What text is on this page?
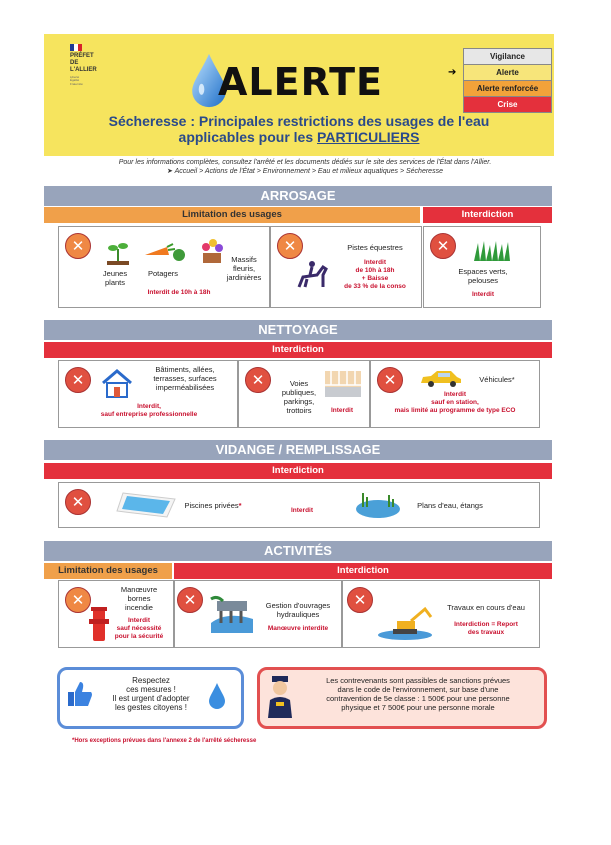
PRÉFET
DE L'ALLIER
Liberté
Égalité
Fraternité	ALERTE
Vigilance
Alerte
Alerte renforcée
Crise
➔
Sécheresse : Principales restrictions des usages de l'eau
applicables pour les PARTICULIERS
Pour les informations complètes, consultez l'arrêté et les documents dédiés sur le site des services de l'État dans l'Allier.
➤ Accueil > Actions de l'État > Environnement > Eau et milieux aquatiques > Sécheresse
ARROSAGE
Limitation des usages	Interdiction
✕
Jeunes
plants
Potagers
Massifs
fleuris,
jardinières
Interdit de 10h à 18h
✕	Pistes équestres
Interdit
de 10h à 18h
+ Baisse
de 33 % de la conso
✕
Espaces verts,
pelouses
Interdit
NETTOYAGE
Interdiction
✕
Bâtiments, allées,
terrasses, surfaces
imperméabilisées
Interdit,
sauf entreprise professionnelle
✕	Voies
publiques,
parkings,
trottoirs	Interdit
✕	Véhicules*
Interdit
sauf en station,
mais limité au programme de type ECO
VIDANGE / REMPLISSAGE
Interdiction
✕	Piscines privées*
Interdit
Plans d'eau, étangs
ACTIVITÉS
Limitation des usages	Interdiction
✕
Manœuvre
bornes
incendie
Interdit
sauf nécessité
pour la sécurité
✕	Gestion d'ouvrages
hydrauliques
Manœuvre interdite
✕	Travaux en cours d'eau
Interdiction = Report
des travaux
Respectez
ces mesures !
Il est urgent d'adopter
les gestes citoyens !
Les contrevenants sont passibles de sanctions prévues
dans le code de l'environnement, sur base d'une
contravention de 5e classe : 1 500€ pour une personne
physique et 7 500€ pour une personne morale
*Hors exceptions prévues dans l'annexe 2 de l'arrêté sécheresse
